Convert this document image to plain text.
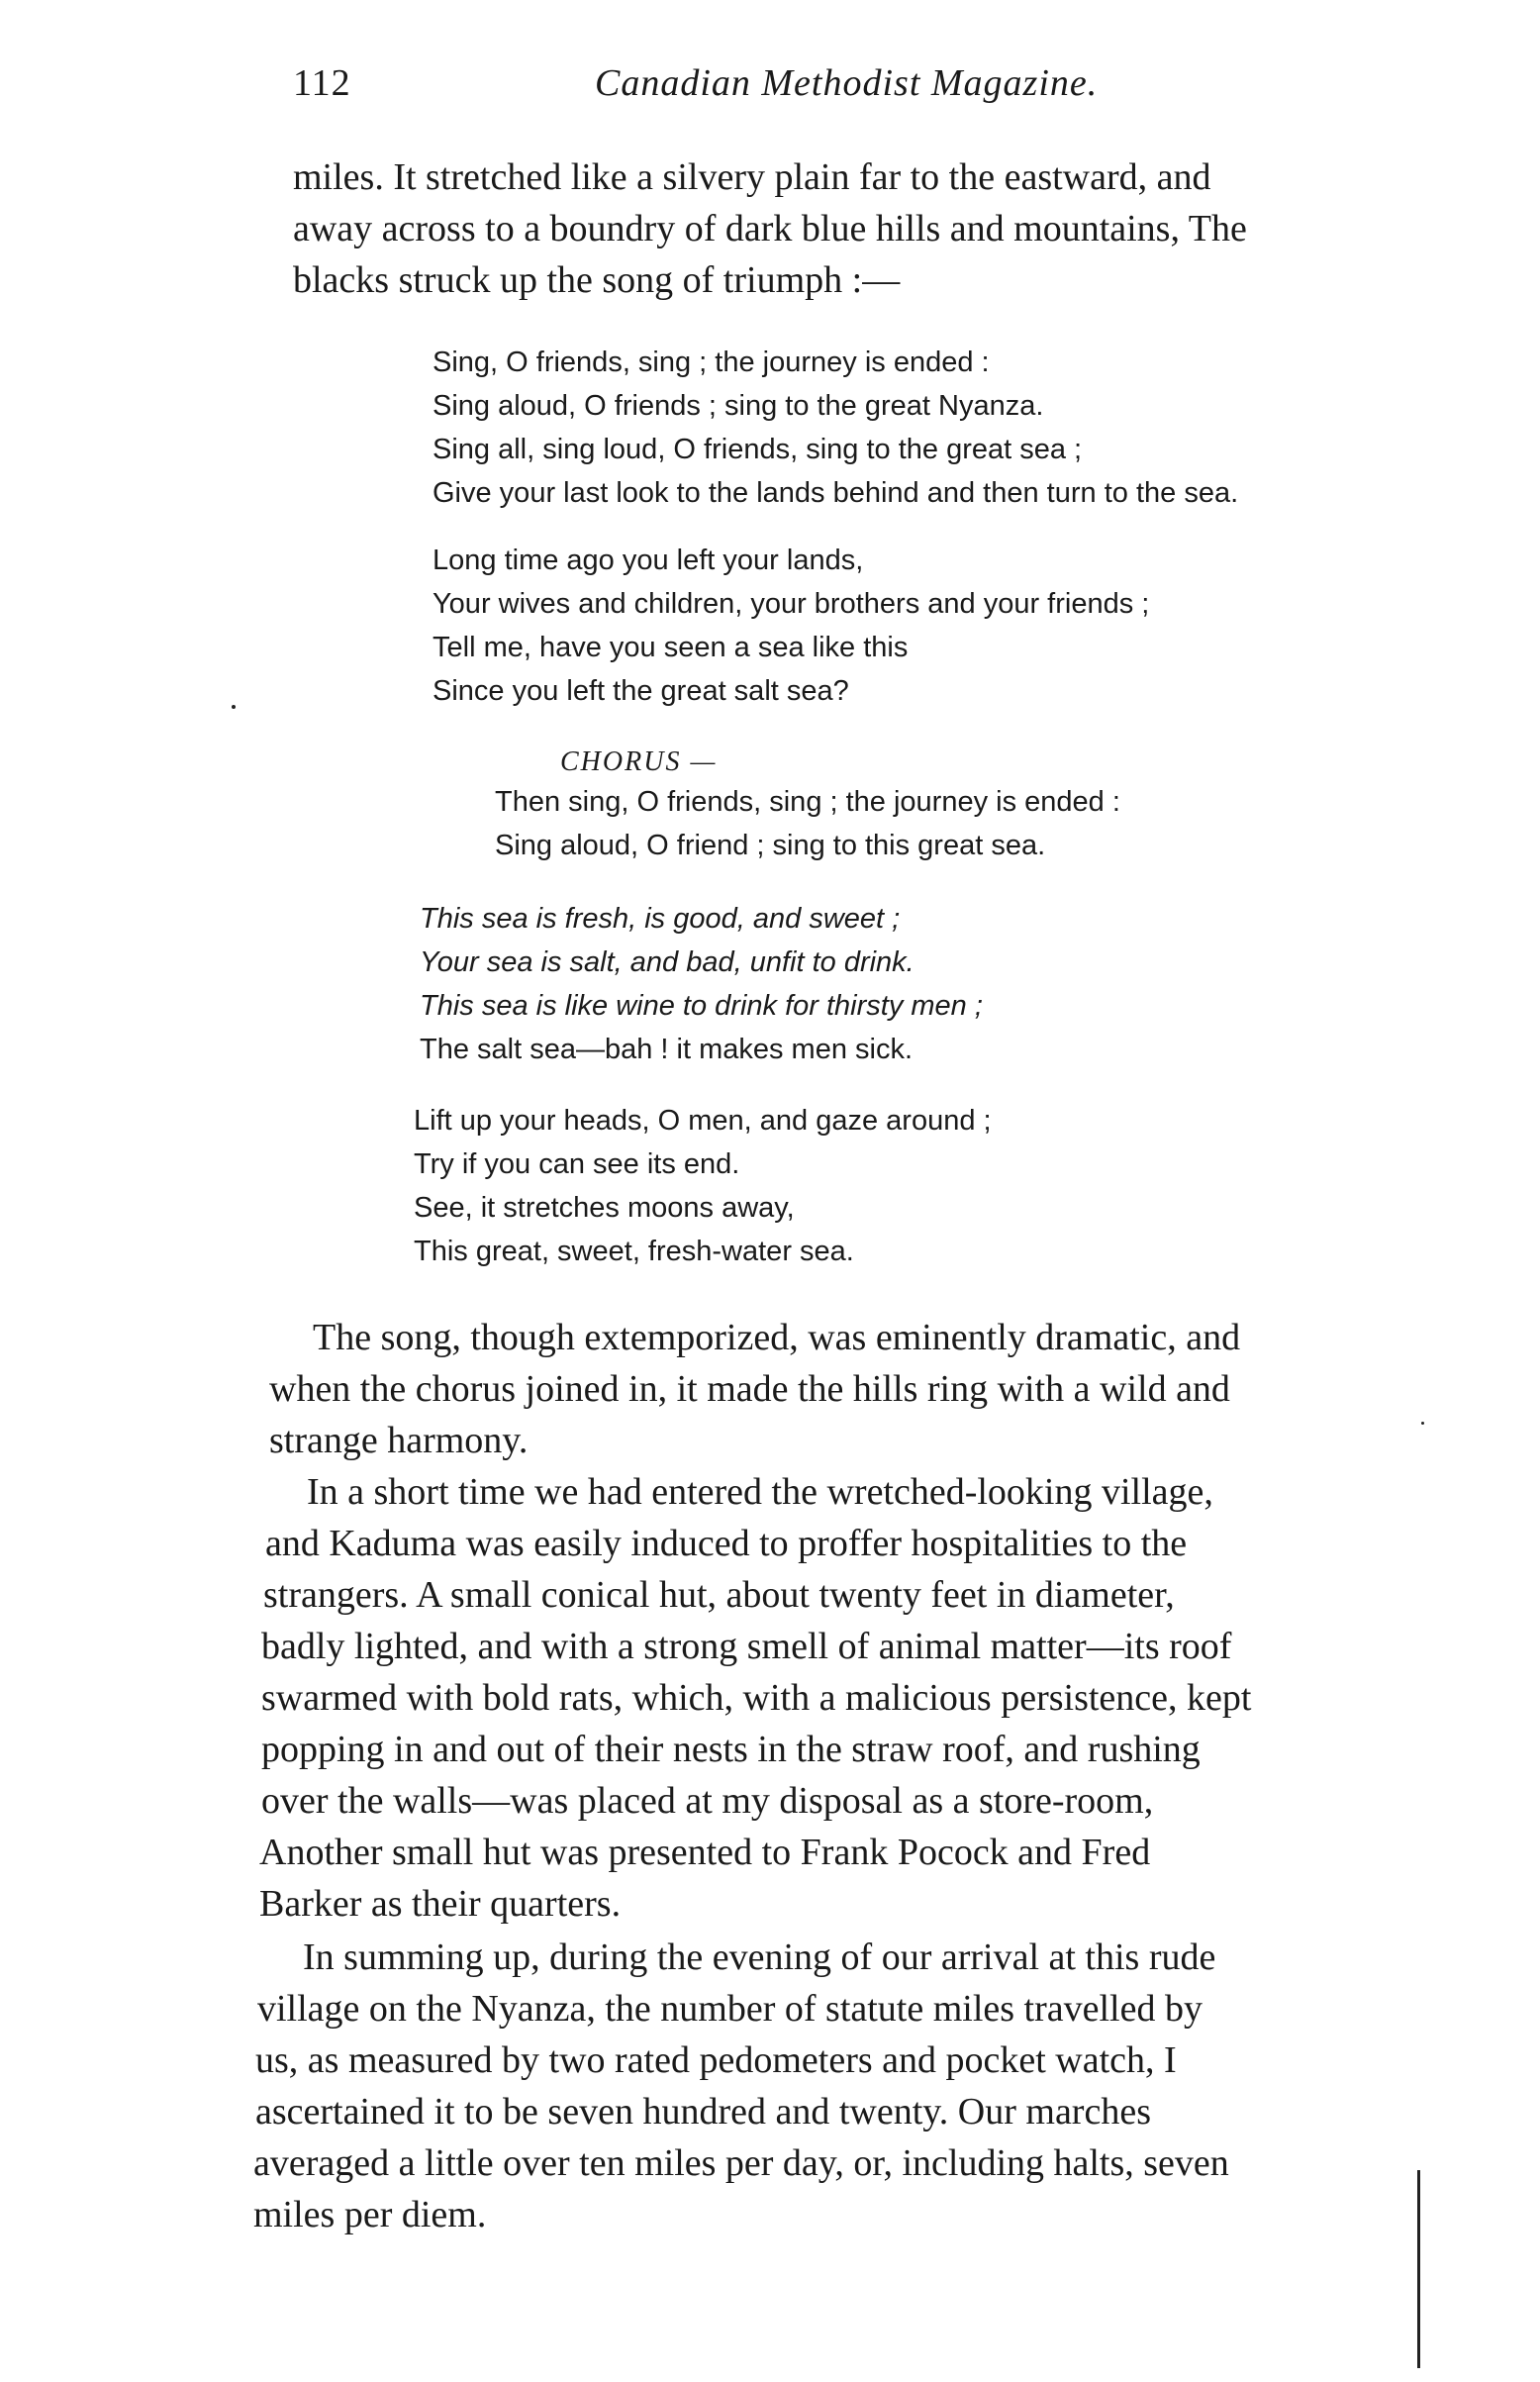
112	Canadian Methodist Magazine.
miles. It stretched like a silvery plain far to the eastward, and
away across to a boundry of dark blue hills and mountains, The
blacks struck up the song of triumph :—
Sing, O friends, sing ; the journey is ended :
Sing aloud, O friends ; sing to the great Nyanza.
Sing all, sing loud, O friends, sing to the great sea ;
Give your last look to the lands behind and then turn to the sea.
Long time ago you left your lands,
Your wives and children, your brothers and your friends ;
Tell me, have you seen a sea like this
Since you left the great salt sea?
CHORUS —
Then sing, O friends, sing ; the journey is ended :
Sing aloud, O friend ; sing to this great sea.
This sea is fresh, is good, and sweet ;
Your sea is salt, and bad, unfit to drink.
This sea is like wine to drink for thirsty men ;
The salt sea—bah ! it makes men sick.
Lift up your heads, O men, and gaze around ;
Try if you can see its end.
See, it stretches moons away,
This great, sweet, fresh-water sea.
The song, though extemporized, was eminently dramatic, and
when the chorus joined in, it made the hills ring with a wild and
strange harmony.
In a short time we had entered the wretched-looking village,
and Kaduma was easily induced to proffer hospitalities to the
strangers. A small conical hut, about twenty feet in diameter,
badly lighted, and with a strong smell of animal matter—its roof
swarmed with bold rats, which, with a malicious persistence, kept
popping in and out of their nests in the straw roof, and rushing
over the walls—was placed at my disposal as a store-room,
Another small hut was presented to Frank Pocock and Fred
Barker as their quarters.
In summing up, during the evening of our arrival at this rude
village on the Nyanza, the number of statute miles travelled by
us, as measured by two rated pedometers and pocket watch, I
ascertained it to be seven hundred and twenty. Our marches
averaged a little over ten miles per day, or, including halts, seven
miles per diem.
